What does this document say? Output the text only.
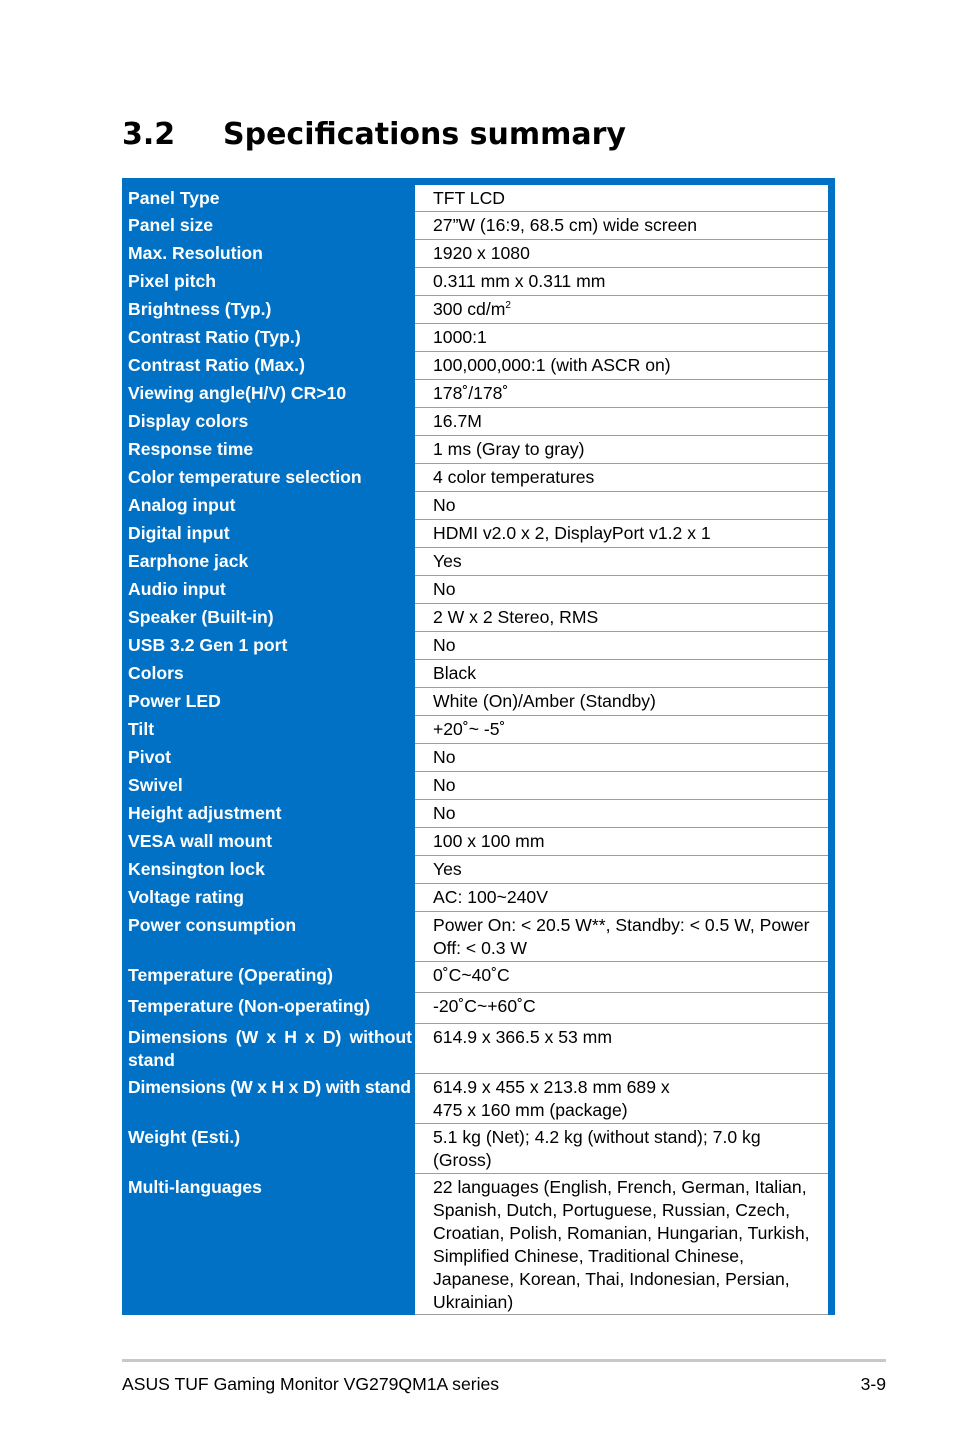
3.2 Specifications summary
Panel Type	TFT LCD

Panel size	27”W (16:9, 68.5 cm) wide screen

Max. Resolution	1920 x 1080

Pixel pitch	0.311 mm x 0.311 mm

Brightness (Typ.)	300 $cd/m^2$

Contrast Ratio (Typ.)	1000:1

Contrast Ratio (Max.)	100,000,000:1 (with ASCR on)

Viewing angle(H/V) CR>10	178˚/178˚

Display colors	16.7M

Response time	1 ms (Gray to gray)

Color temperature selection	4 color temperatures

Analog input	No

Digital input	HDMI v2.0 x 2, DisplayPort v1.2 x 1

Earphone jack	Yes

Audio input	No

Speaker (Built-in)	2 W x 2 Stereo, RMS

USB 3.2 Gen 1 port	No

Colors	Black

Power LED	White (On)/Amber (Standby)

Tilt	+20˚~ -5˚

Pivot	No

Swivel	No

Height adjustment	No

VESA wall mount	100 x 100 mm

Kensington lock	Yes

Voltage rating	AC: 100~240V

Power consumption	Power On: < 20.5 W**, Standby: < 0.5 W, Power Off: < 0.3 W

Temperature (Operating)	0˚C~40˚C

Temperature (Non-operating)	-20˚C~+60˚C

Dimensions (W x H x D) without stand	614.9 x 366.5 x 53 mm

Dimensions (W x H x D) with stand	614.9 x 455 x 213.8 mm 689 x 475 x 160 mm (package)

Weight (Esti.)	5.1 kg (Net); 4.2 kg (without stand); 7.0 kg (Gross)

Multi-languages	22 languages (English, French, German, Italian, Spanish, Dutch, Portuguese, Russian, Czech, Croatian, Polish, Romanian, Hungarian, Turkish, Simplified Chinese, Traditional Chinese, Japanese, Korean, Thai, Indonesian, Persian, Ukrainian)
ASUS TUF Gaming Monitor VG279QM1A series	3-9
